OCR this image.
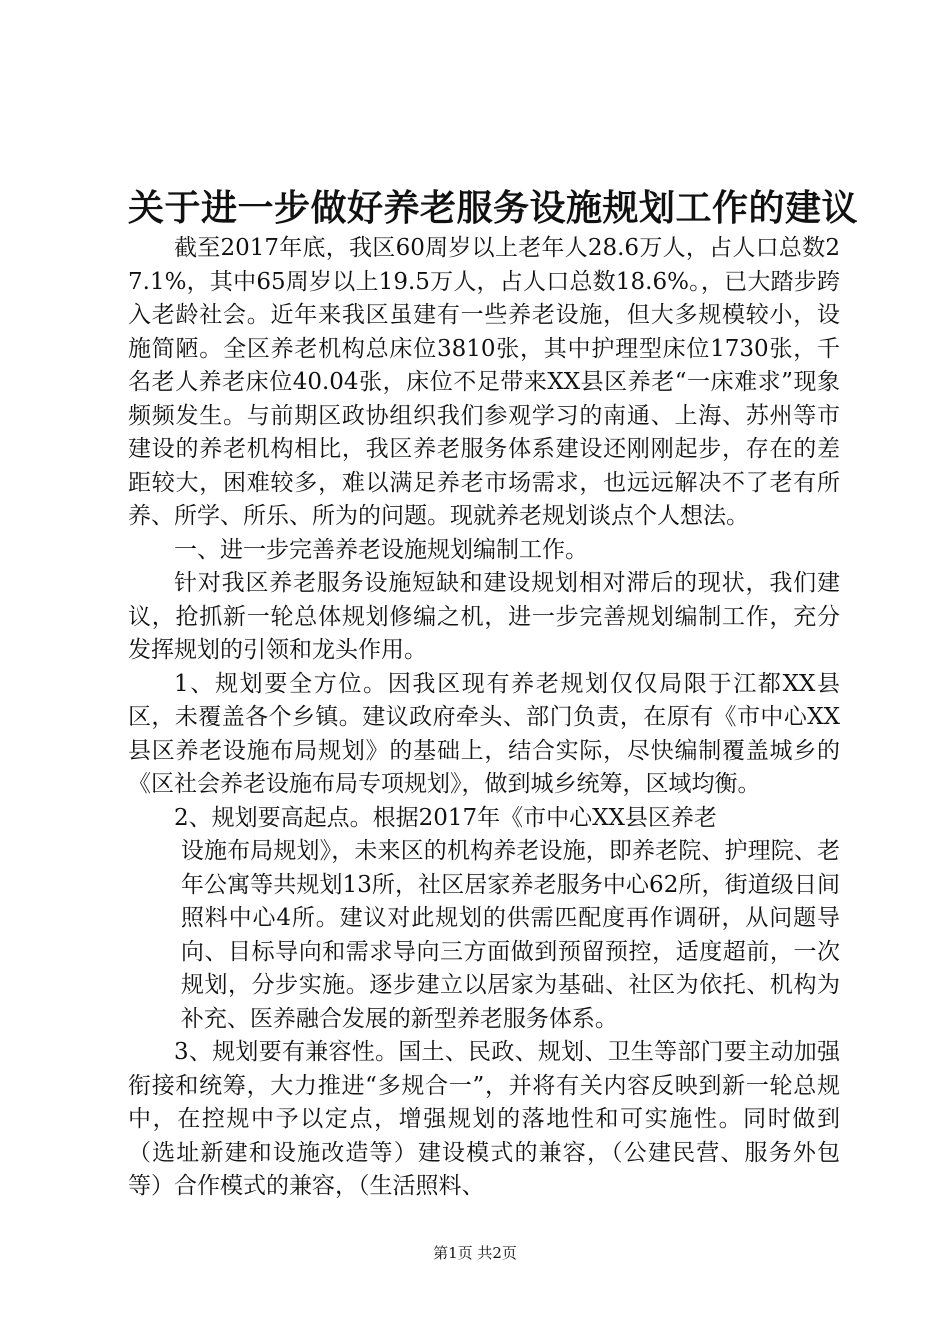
关于进一步做好养老服务设施规划工作的建议

截至2017年底，我区60周岁以上老年人28.6万人，占人口总数27.1%，其中65周岁以上19.5万人，占人口总数18.6%。，已大踏步跨入老龄社会。近年来我区虽建有一些养老设施，但大多规模较小，设施简陋。全区养老机构总床位3810张，其中护理型床位1730张，千名老人养老床位40.04张，床位不足带来XX县区养老“一床难求”现象频频发生。与前期区政协组织我们参观学习的南通、上海、苏州等市建设的养老机构相比，我区养老服务体系建设还刚刚起步，存在的差距较大，困难较多，难以满足养老市场需求，也远远解决不了老有所养、所学、所乐、所为的问题。现就养老规划谈点个人想法。

一、进一步完善养老设施规划编制工作。

针对我区养老服务设施短缺和建设规划相对滞后的现状，我们建议，抢抓新一轮总体规划修编之机，进一步完善规划编制工作，充分发挥规划的引领和龙头作用。

1、规划要全方位。因我区现有养老规划仅仅局限于江都XX县区，未覆盖各个乡镇。建议政府牵头、部门负责，在原有《市中心XX县区养老设施布局规划》的基础上，结合实际，尽快编制覆盖城乡的《区社会养老设施布局专项规划》，做到城乡统筹，区域均衡。

2、规划要高起点。根据2017年《市中心XX县区养老

设施布局规划》，未来区的机构养老设施，即养老院、护理院、老年公寓等共规划13所，社区居家养老服务中心62所，街道级日间照料中心4所。建议对此规划的供需匹配度再作调研，从问题导向、目标导向和需求导向三方面做到预留预控，适度超前，一次规划，分步实施。逐步建立以居家为基础、社区为依托、机构为补充、医养融合发展的新型养老服务体系。

3、规划要有兼容性。国土、民政、规划、卫生等部门要主动加强衔接和统筹，大力推进“多规合一”，并将有关内容反映到新一轮总规中，在控规中予以定点，增强规划的落地性和可实施性。同时做到（选址新建和设施改造等）建设模式的兼容，（公建民营、服务外包等）合作模式的兼容，（生活照料、

第1页 共2页
